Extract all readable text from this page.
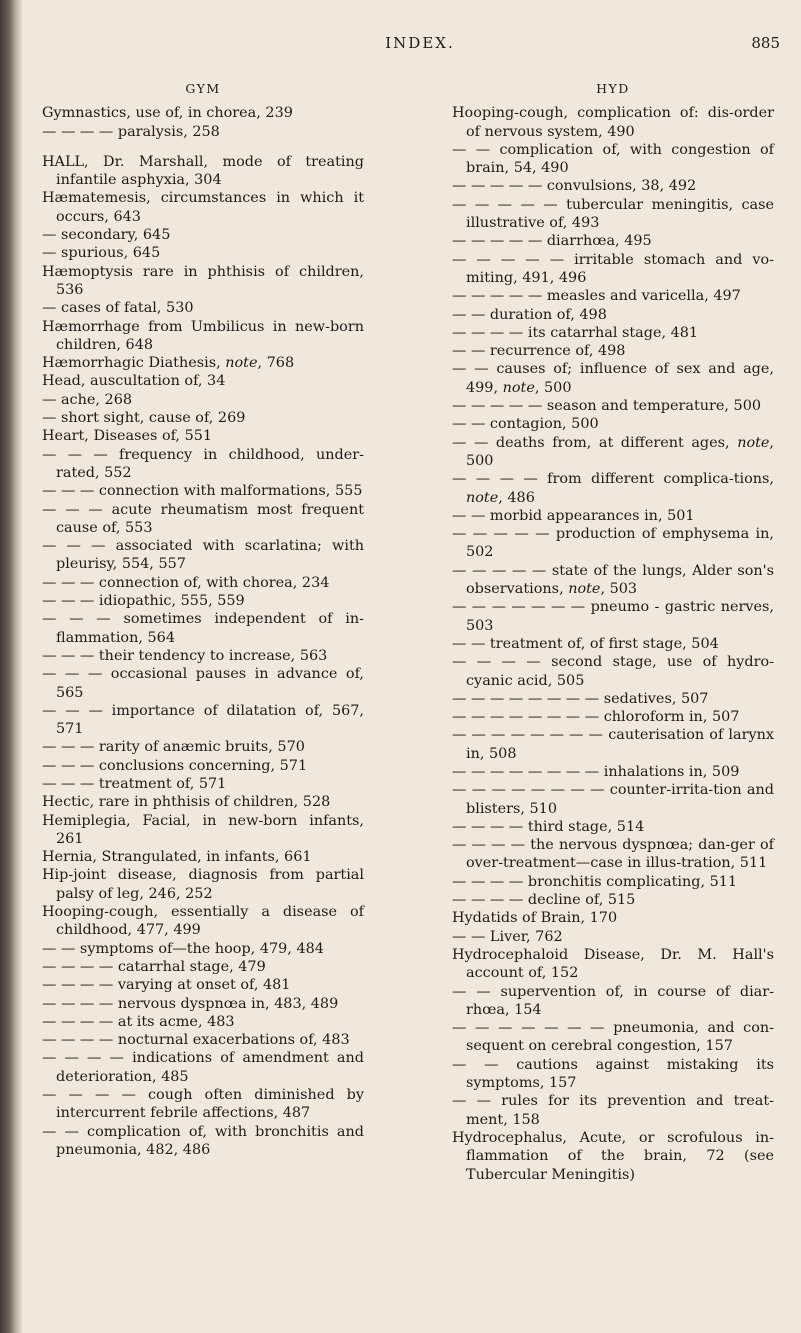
INDEX.	885
GYM
Gymnastics, use of, in chorea, 239
— — — — paralysis, 258
HALL, Dr. Marshall, mode of treating infantile asphyxia, 304
Hæmatemesis, circumstances in which it occurs, 643
— secondary, 645
— spurious, 645
Hæmoptysis rare in phthisis of children, 536
— cases of fatal, 530
Hæmorrhage from Umbilicus in new-born children, 648
Hæmorrhagic Diathesis, note, 768
Head, auscultation of, 34
— ache, 268
— short sight, cause of, 269
Heart, Diseases of, 551
— — — frequency in childhood, under-rated, 552
— — — connection with malformations, 555
— — — acute rheumatism most frequent cause of, 553
— — — associated with scarlatina; with pleurisy, 554, 557
— — — connection of, with chorea, 234
— — — idiopathic, 555, 559
— — — sometimes independent of in-flammation, 564
— — — their tendency to increase, 563
— — — occasional pauses in advance of, 565
— — — importance of dilatation of, 567, 571
— — — rarity of anæmic bruits, 570
— — — conclusions concerning, 571
— — — treatment of, 571
Hectic, rare in phthisis of children, 528
Hemiplegia, Facial, in new-born infants, 261
Hernia, Strangulated, in infants, 661
Hip-joint disease, diagnosis from partial palsy of leg, 246, 252
Hooping-cough, essentially a disease of childhood, 477, 499
— — symptoms of—the hoop, 479, 484
— — — — catarrhal stage, 479
— — — — varying at onset of, 481
— — — — nervous dyspnœa in, 483, 489
— — — — at its acme, 483
— — — — nocturnal exacerbations of, 483
— — — — indications of amendment and deterioration, 485
— — — — cough often diminished by intercurrent febrile affections, 487
— — complication of, with bronchitis and pneumonia, 482, 486
HYD
Hooping-cough, complication of: dis-order of nervous system, 490
— — complication of, with congestion of brain, 54, 490
— — — — — convulsions, 38, 492
— — — — — tubercular meningitis, case illustrative of, 493
— — — — — diarrhœa, 495
— — — — — irritable stomach and vo-miting, 491, 496
— — — — — measles and varicella, 497
— — duration of, 498
— — — — its catarrhal stage, 481
— — recurrence of, 498
— — causes of; influence of sex and age, 499, note, 500
— — — — — season and temperature, 500
— — contagion, 500
— — deaths from, at different ages, note, 500
— — — — from different complica-tions, note, 486
— — morbid appearances in, 501
— — — — — production of emphysema in, 502
— — — — — state of the lungs, Alder son's observations, note, 503
— — — — — — — pneumo - gastric nerves, 503
— — treatment of, of first stage, 504
— — — — second stage, use of hydro-cyanic acid, 505
— — — — — — — — sedatives, 507
— — — — — — — — chloroform in, 507
— — — — — — — — cauterisation of larynx in, 508
— — — — — — — — inhalations in, 509
— — — — — — — — counter-irrita-tion and blisters, 510
— — — — third stage, 514
— — — — the nervous dyspnœa; dan-ger of over-treatment—case in illus-tration, 511
— — — — bronchitis complicating, 511
— — — — decline of, 515
Hydatids of Brain, 170
— — Liver, 762
Hydrocephaloid Disease, Dr. M. Hall's account of, 152
— — supervention of, in course of diar-rhœa, 154
— — — — — — — pneumonia, and con-sequent on cerebral congestion, 157
— — cautions against mistaking its symptoms, 157
— — rules for its prevention and treat-ment, 158
Hydrocephalus, Acute, or scrofulous in-flammation of the brain, 72 (see Tubercular Meningitis)
